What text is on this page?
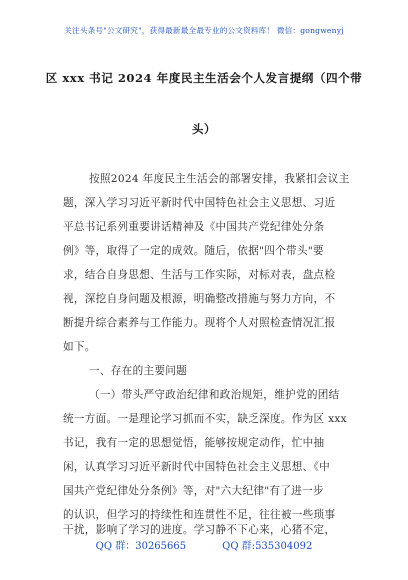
关注头条号"公文研究"，获得最新最全最专业的公文资料库！ 微信：gongwenyj
区 xxx 书记 2024 年度民主生活会个人发言提纲（四个带
头）
按照2024 年度民主生活会的部署安排，我紧扣会议主
题，深入学习习近平新时代中国特色社会主义思想、习近
平总书记系列重要讲话精神及《中国共产党纪律处分条
例》等，取得了一定的成效。随后，依据"四个带头"要
求，结合自身思想、生活与工作实际，对标对表，盘点检
视，深挖自身问题及根源，明确整改措施与努力方向，不
断提升综合素养与工作能力。现将个人对照检查情况汇报
如下。
一、存在的主要问题
（一）带头严守政治纪律和政治规矩，维护党的团结
统一方面。一是理论学习抓而不实，缺乏深度。作为区 xxx
书记，我有一定的思想觉悟，能够按规定动作，忙中抽
闲，认真学习习近平新时代中国特色社会主义思想、《中
国共产党纪律处分条例》等，对"六大纪律"有了进一步
的认识，但学习的持续性和连贯性不足，往往被一些琐事
干扰，影响了学习的进度。学习静不下心来，心猪不定，
QQ 群：30265665	QQ 群:535304092
